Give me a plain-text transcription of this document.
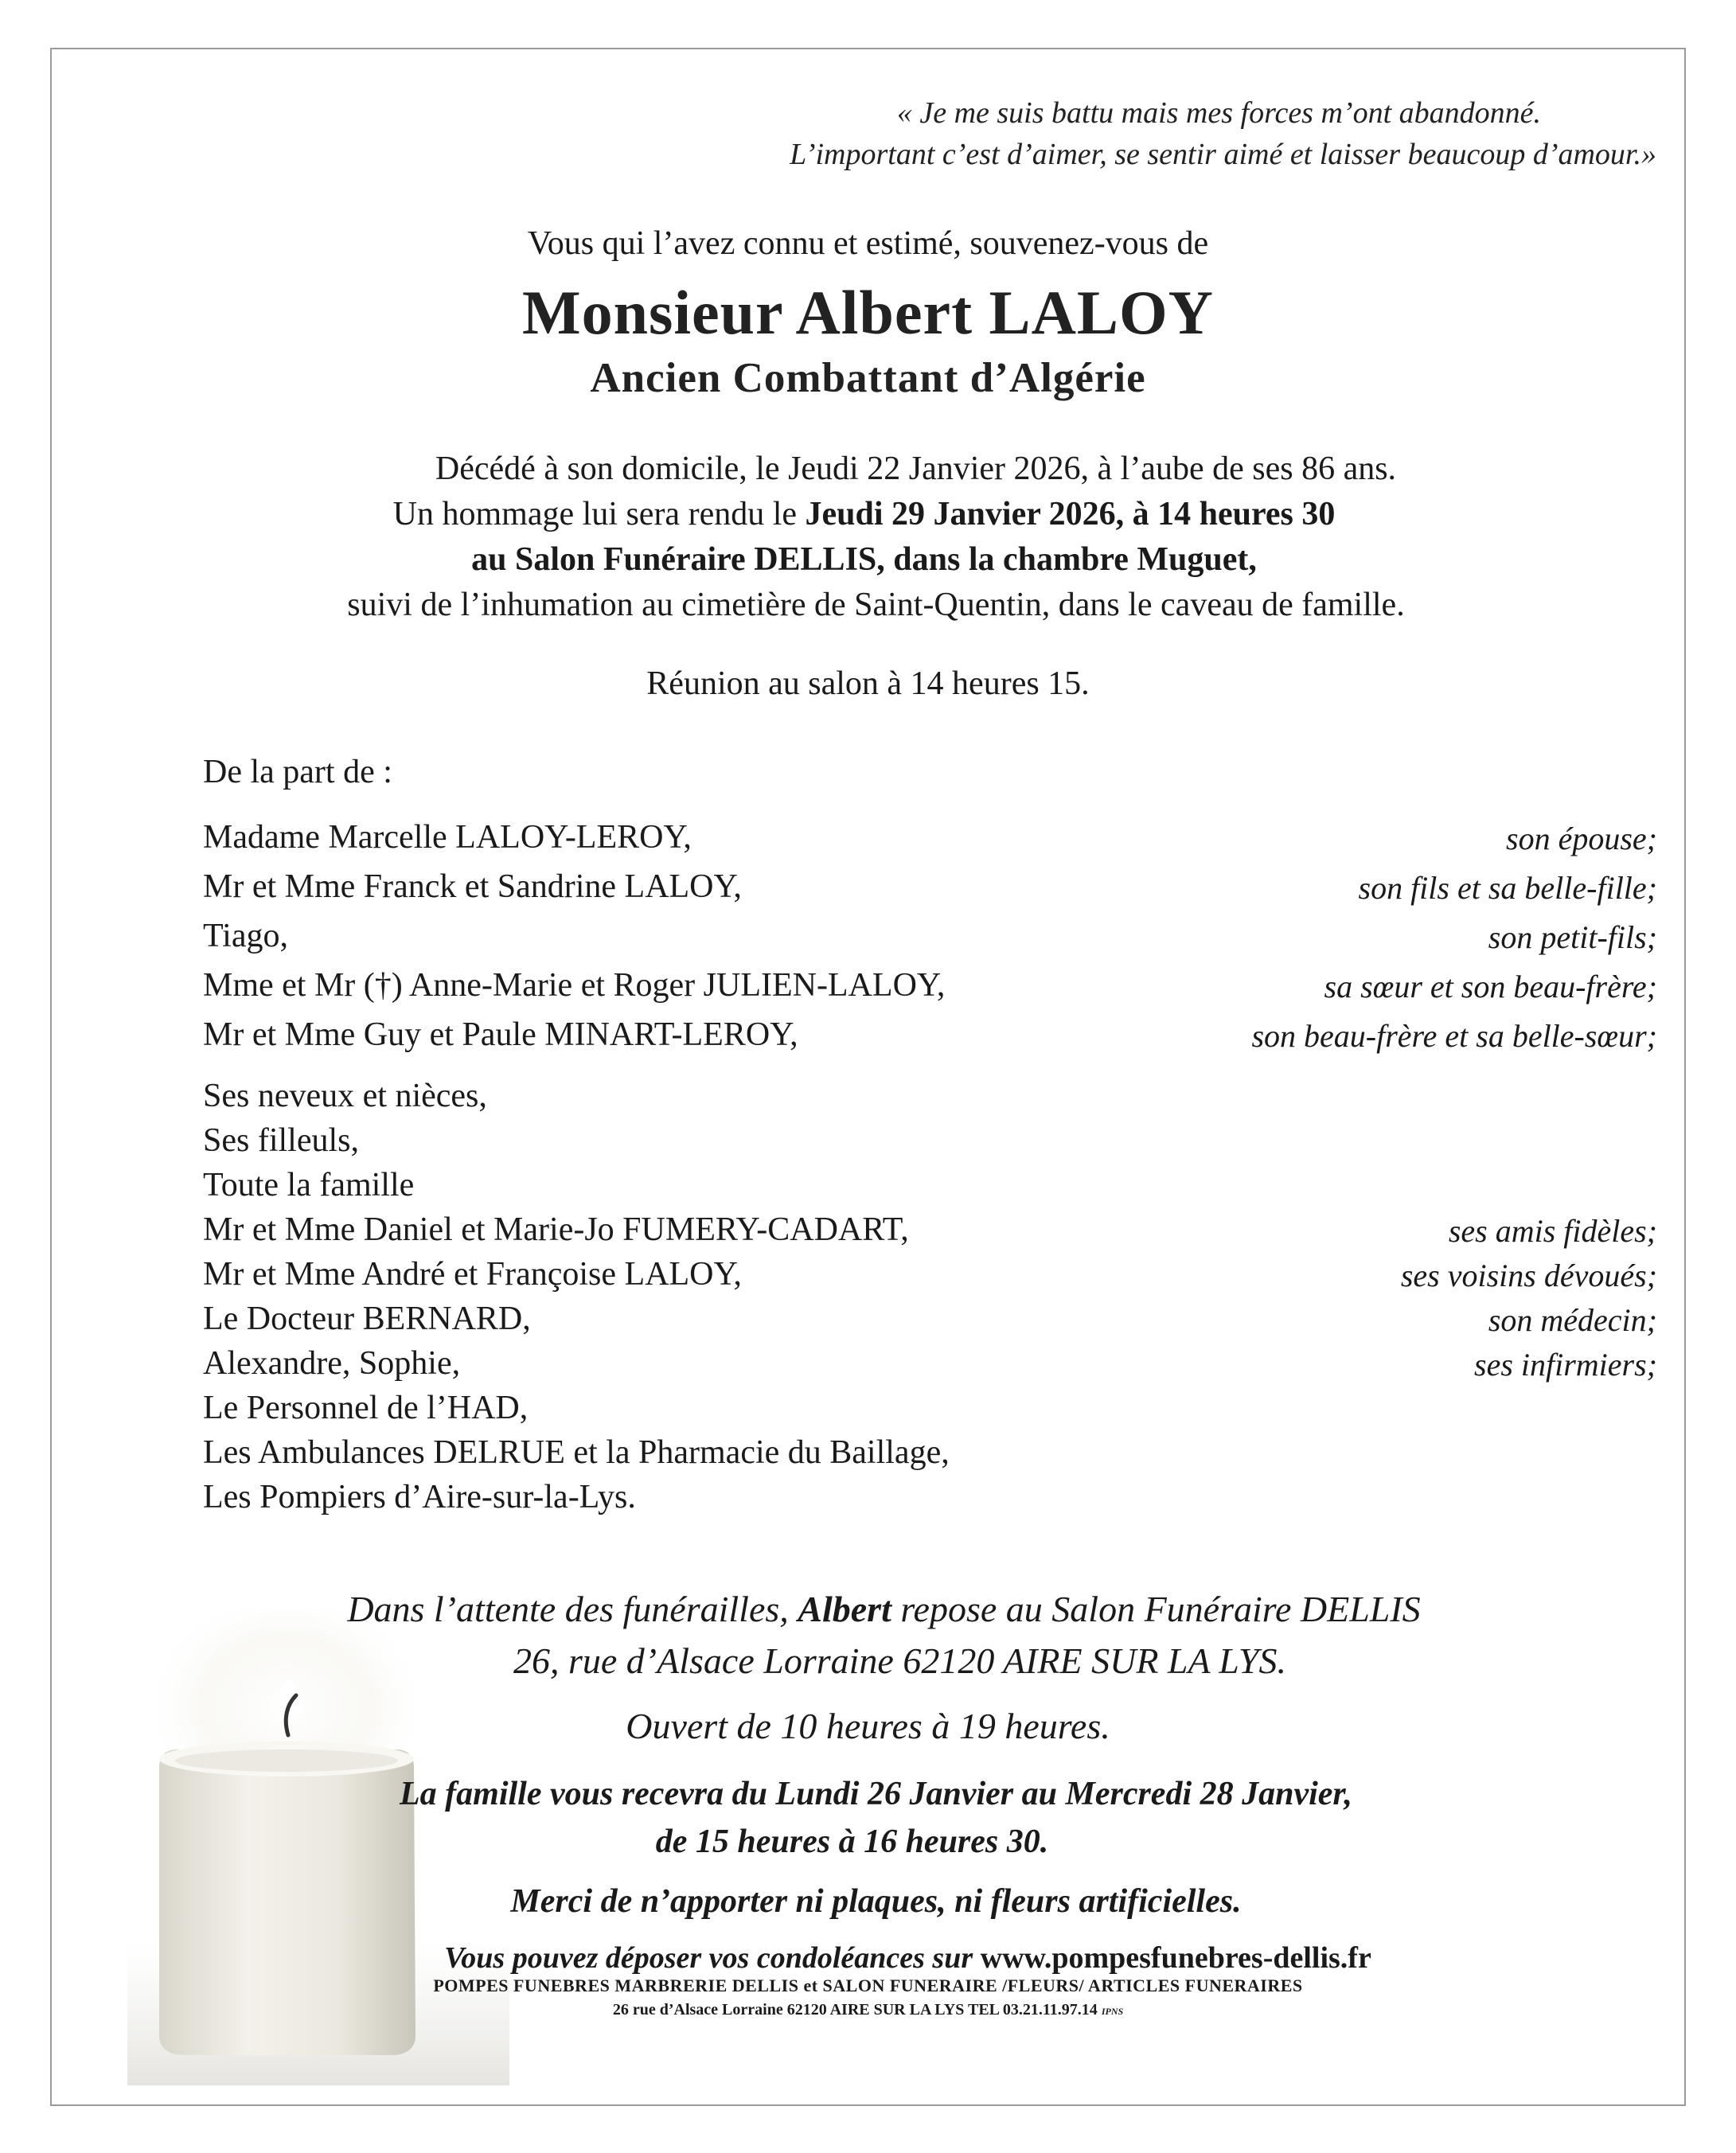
« Je me suis battu mais mes forces m’ont abandonné.
L’important c’est d’aimer, se sentir aimé et laisser beaucoup d’amour.»
Vous qui l’avez connu et estimé, souvenez-vous de
Monsieur Albert LALOY
Ancien Combattant d’Algérie
Décédé à son domicile, le Jeudi 22 Janvier 2026, à l’aube de ses 86 ans.
Un hommage lui sera rendu le Jeudi 29 Janvier 2026, à 14 heures 30
au Salon Funéraire DELLIS, dans la chambre Muguet,
suivi de l’inhumation au cimetière de Saint-Quentin, dans le caveau de famille.
Réunion au salon à 14 heures 15.
De la part de :
Madame Marcelle LALOY-LEROY,	son épouse;
Mr et Mme Franck et Sandrine LALOY,	son fils et sa belle-fille;
Tiago,	son petit-fils;
Mme et Mr (†) Anne-Marie et Roger JULIEN-LALOY,	sa sœur et son beau-frère;
Mr et Mme Guy et Paule MINART-LEROY,	son beau-frère et sa belle-sœur;
Ses neveux et nièces,
Ses filleuls,
Toute la famille
Mr et Mme Daniel et Marie-Jo FUMERY-CADART,	ses amis fidèles;
Mr et Mme André et Françoise LALOY,	ses voisins dévoués;
Le Docteur BERNARD,	son médecin;
Alexandre, Sophie,	ses infirmiers;
Le Personnel de l’HAD,
Les Ambulances DELRUE et la Pharmacie du Baillage,
Les Pompiers d’Aire-sur-la-Lys.
Dans l’attente des funérailles, Albert repose au Salon Funéraire DELLIS
26, rue d’Alsace Lorraine 62120 AIRE SUR LA LYS.
Ouvert de 10 heures à 19 heures.
La famille vous recevra du Lundi 26 Janvier au Mercredi 28 Janvier,
de 15 heures à 16 heures 30.
Merci de n’apporter ni plaques, ni fleurs artificielles.
Vous pouvez déposer vos condoléances sur www.pompesfunebres-dellis.fr
POMPES FUNEBRES MARBRERIE DELLIS et SALON FUNERAIRE /FLEURS/ ARTICLES FUNERAIRES
26 rue d’Alsace Lorraine 62120 AIRE SUR LA LYS TEL 03.21.11.97.14 IPNS
